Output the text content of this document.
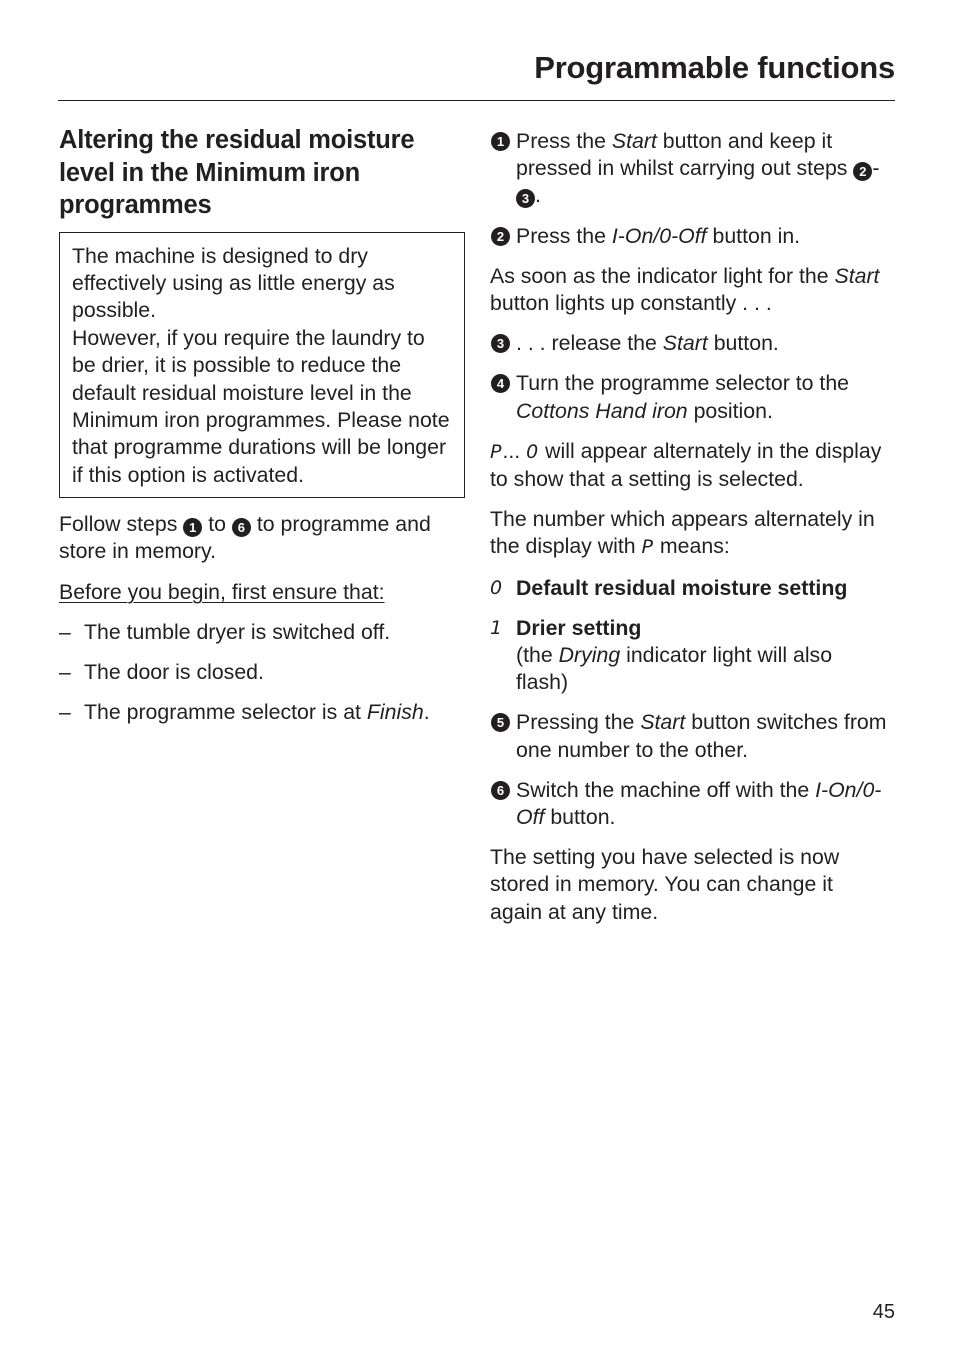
Programmable functions
Altering the residual moisture
level in the Minimum iron
programmes

The machine is designed to dry effectively using as little energy as possible.

However, if you require the laundry to be drier, it is possible to reduce the default residual moisture level in the Minimum iron programmes. Please note that programme durations will be longer if this option is activated.

Follow steps 1 to 6 to programme and store in memory.

Before you begin, first ensure that:

– The tumble dryer is switched off.
– The door is closed.
– The programme selector is at Finish.
1 Press the Start button and keep it pressed in whilst carrying out steps 2 -3 .
2 Press the I-On/0-Off button in.

As soon as the indicator light for the Start button lights up constantly . . .

3 . . . release the Start button.
4 Turn the programme selector to the Cottons Hand iron position.

P... 0 will appear alternately in the display to show that a setting is selected.

The number which appears alternately in the display with P means:

0 Default residual moisture setting
1 Drier setting
(the Drying indicator light will also flash)
5 Pressing the Start button switches from one number to the other.
6 Switch the machine off with the I-On/0-Off button.

The setting you have selected is now stored in memory. You can change it again at any time.

45
